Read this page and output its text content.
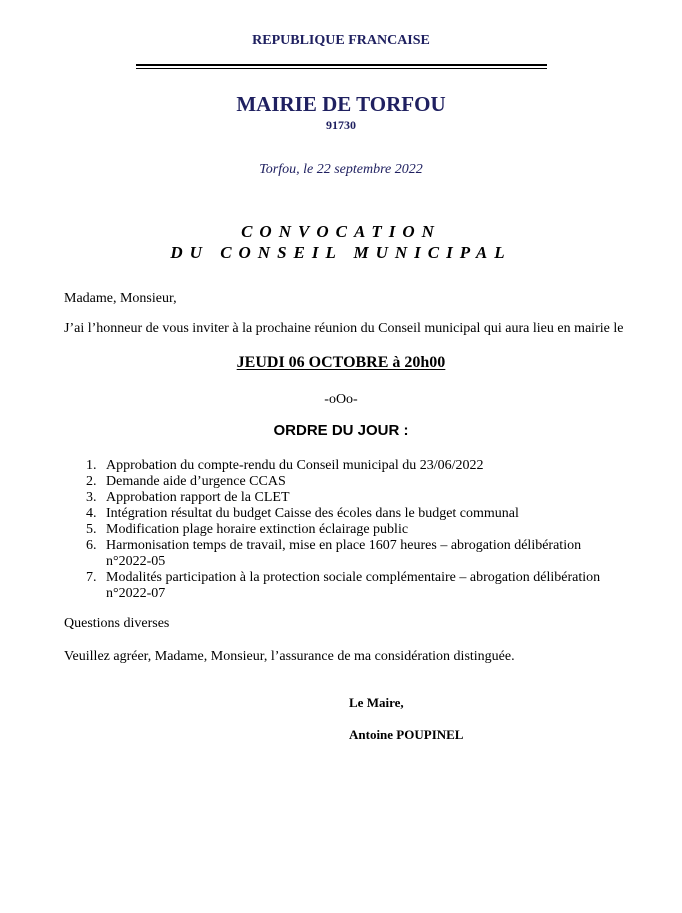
REPUBLIQUE FRANCAISE
MAIRIE DE TORFOU
91730
Torfou, le 22 septembre 2022
CONVOCATION
DU CONSEIL MUNICIPAL
Madame, Monsieur,
J’ai l’honneur de vous inviter à la prochaine réunion du Conseil municipal qui aura lieu en mairie le
JEUDI 06 OCTOBRE à 20h00
-oOo-
ORDRE DU JOUR :
1. Approbation du compte-rendu du Conseil municipal du 23/06/2022
2. Demande aide d’urgence CCAS
3. Approbation rapport de la CLET
4. Intégration résultat du budget Caisse des écoles dans le budget communal
5. Modification plage horaire extinction éclairage public
6. Harmonisation temps de travail, mise en place 1607 heures – abrogation délibération n°2022-05
7. Modalités participation à la protection sociale complémentaire – abrogation délibération n°2022-07
Questions diverses
Veuillez agréer, Madame, Monsieur, l’assurance de ma considération distinguée.
Le Maire,
Antoine POUPINEL
